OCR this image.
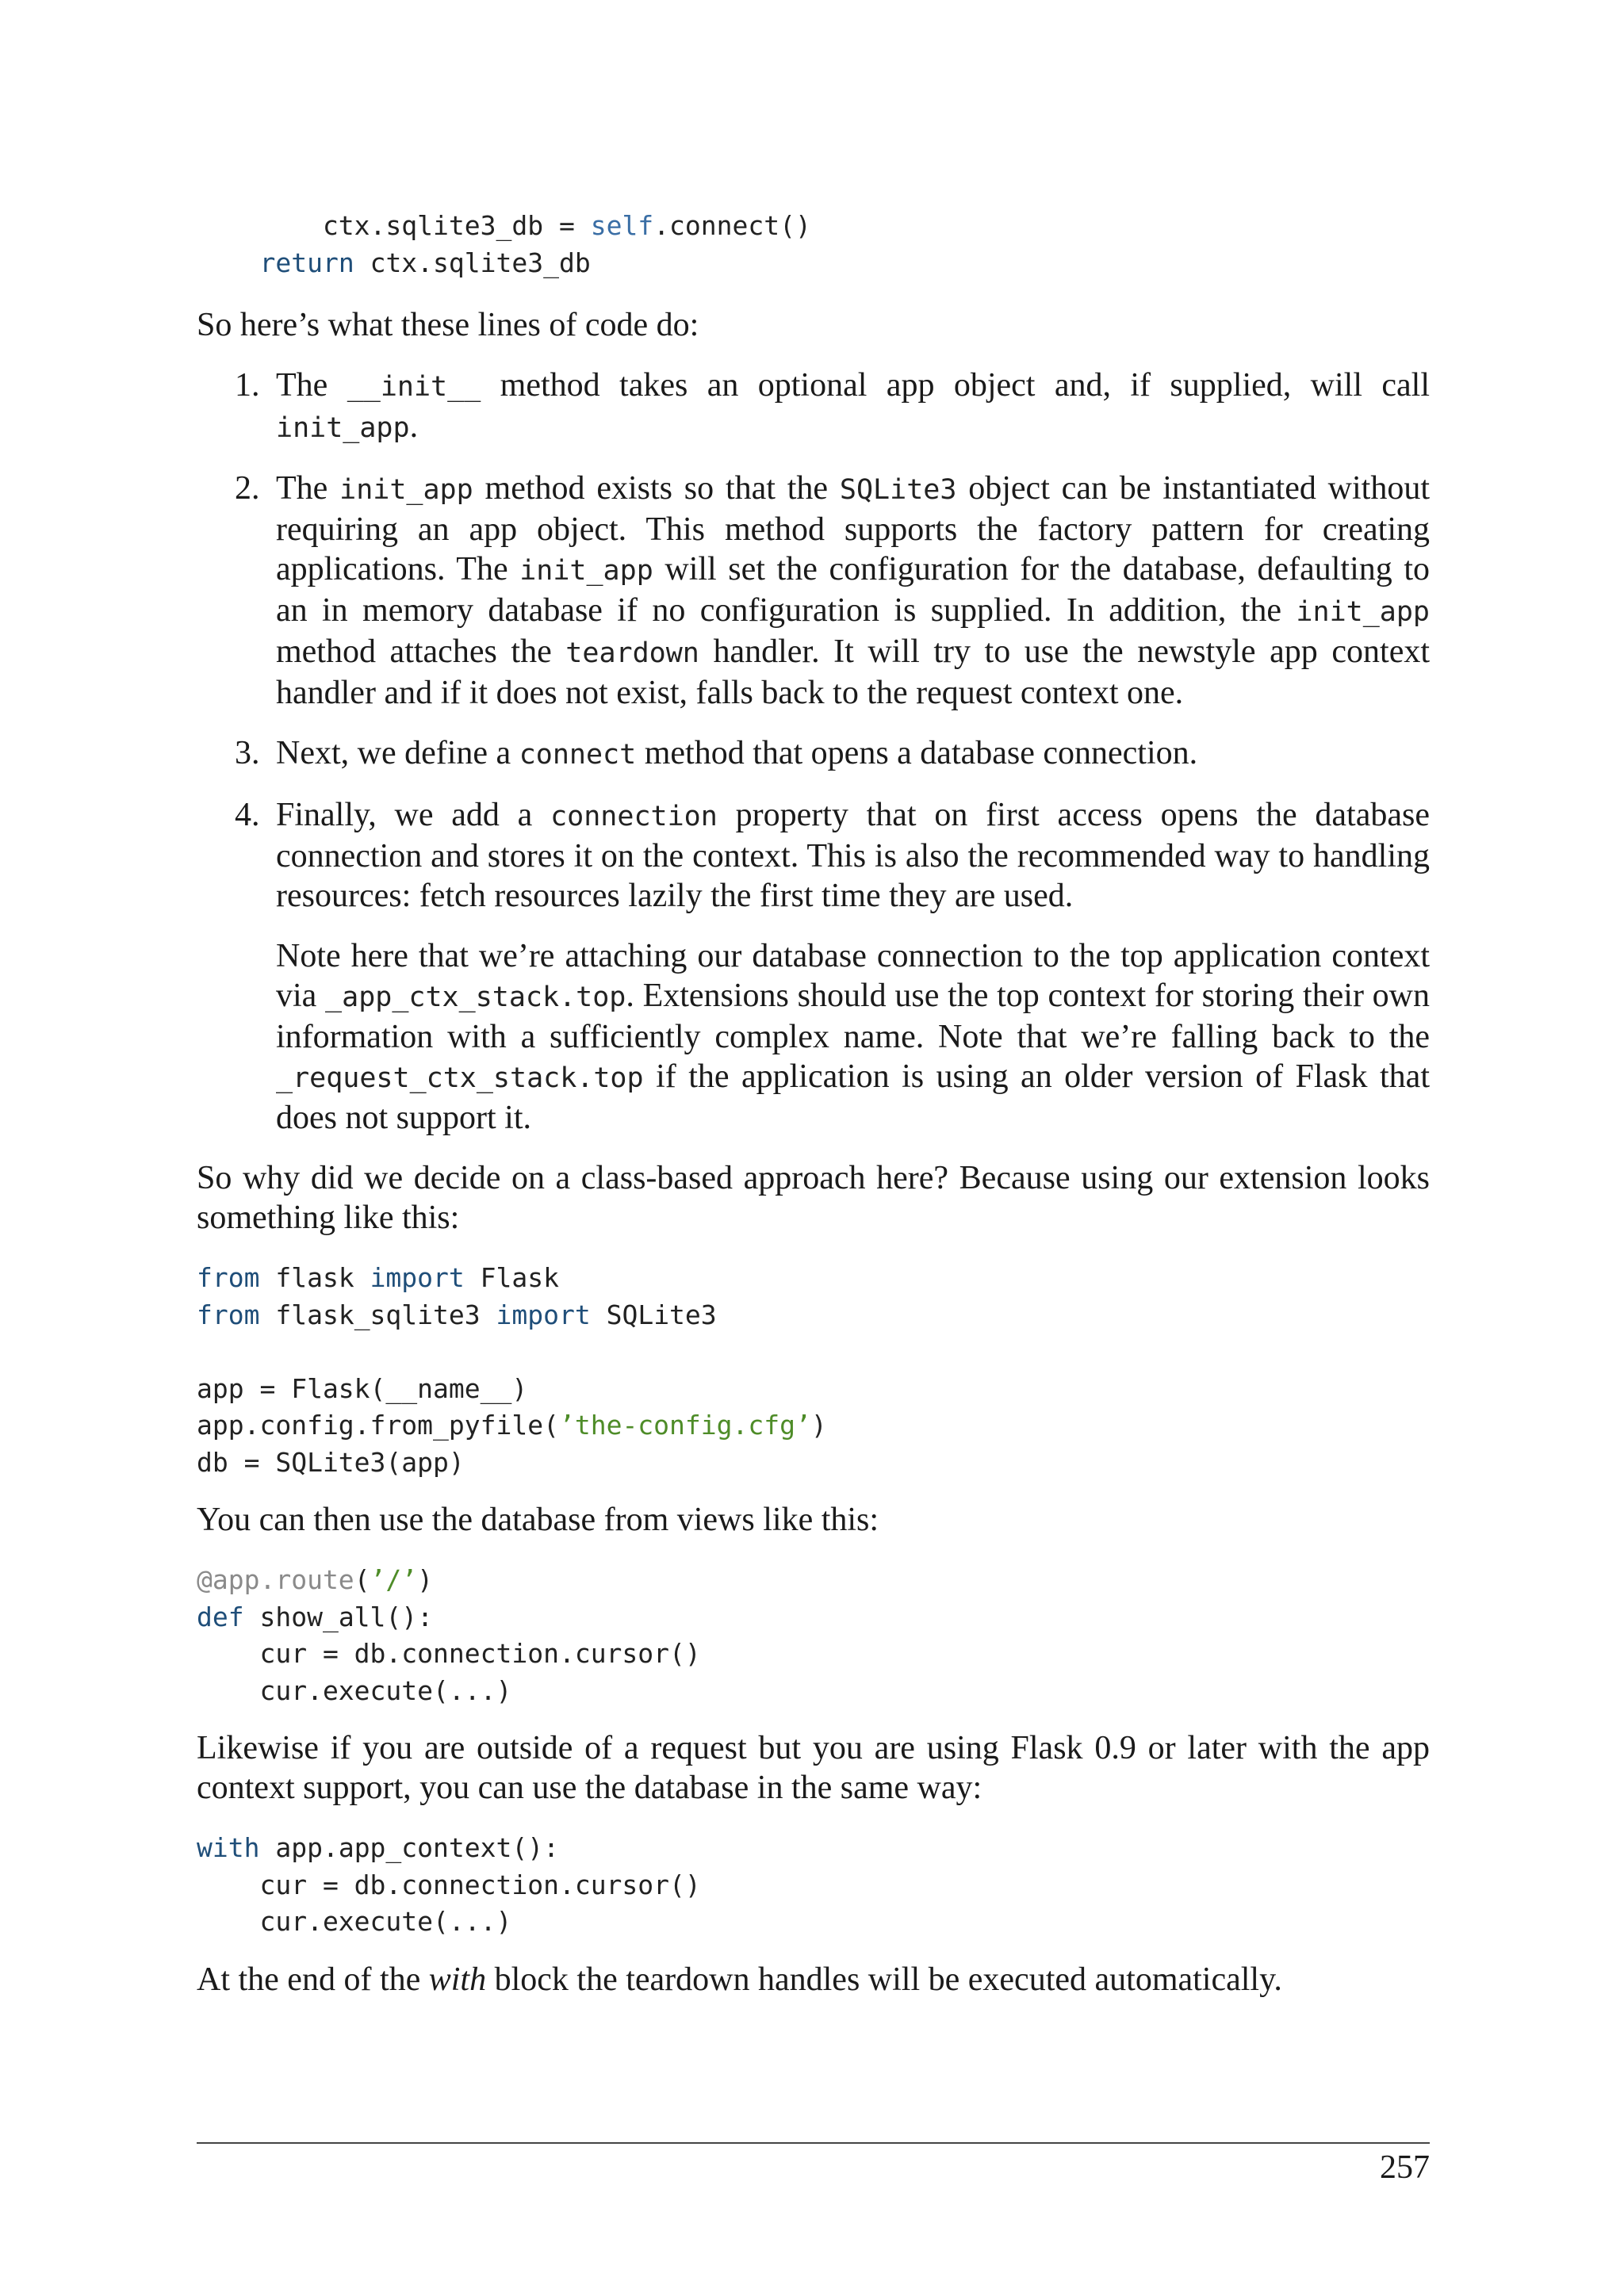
ctx.sqlite3_db = self.connect()
return ctx.sqlite3_db

So here’s what these lines of code do:

1. The __init__ method takes an optional app object and, if supplied, will call init_app.
2. The init_app method exists so that the SQLite3 object can be instantiated without requiring an app object. This method supports the factory pattern for creating applications. The init_app will set the configuration for the database, defaulting to an in memory database if no configuration is supplied. In addition, the init_app method attaches the teardown handler. It will try to use the newstyle app context handler and if it does not exist, falls back to the request context one.
3. Next, we define a connect method that opens a database connection.
4. Finally, we add a connection property that on first access opens the database connection and stores it on the context. This is also the recommended way to handling resources: fetch resources lazily the first time they are used.

Note here that we’re attaching our database connection to the top application context via _app_ctx_stack.top. Extensions should use the top context for storing their own information with a sufficiently complex name. Note that we’re falling back to the _request_ctx_stack.top if the application is using an older version of Flask that does not support it.

So why did we decide on a class-based approach here? Because using our extension looks something like this:

from flask import Flask
from flask_sqlite3 import SQLite3
app = Flask(__name__)
app.config.from_pyfile(’the-config.cfg’)
db = SQLite3(app)

You can then use the database from views like this:

@app.route(’/’)
def show_all():
cur = db.connection.cursor()
cur.execute(...)

Likewise if you are outside of a request but you are using Flask 0.9 or later with the app context support, you can use the database in the same way:

with app.app_context():
cur = db.connection.cursor()
cur.execute(...)

At the end of the with block the teardown handles will be executed automatically.

257
